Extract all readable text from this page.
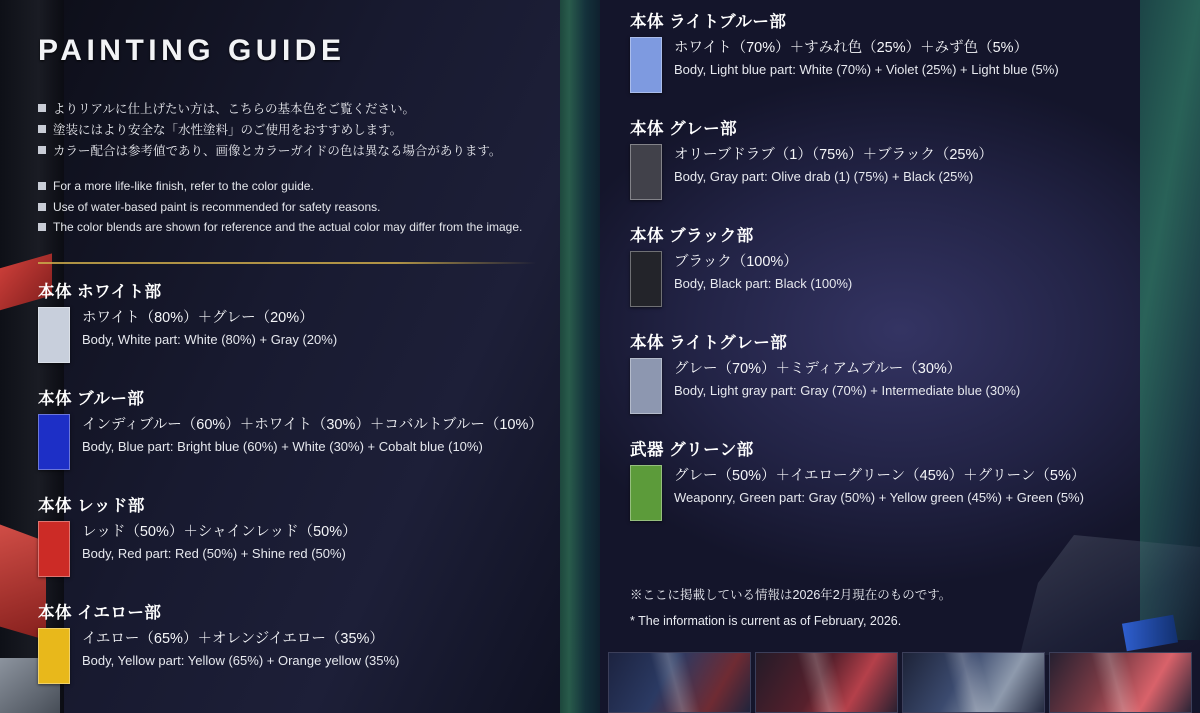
PAINTING GUIDE
よりリアルに仕上げたい方は、こちらの基本色をご覧ください。
塗装にはより安全な「水性塗料」のご使用をおすすめします。
カラー配合は参考値であり、画像とカラーガイドの色は異なる場合があります。
For a more life-like finish, refer to the color guide.
Use of water-based paint is recommended for safety reasons.
The color blends are shown for reference and the actual color may differ from the image.
本体 ホワイト部
ホワイト（80%）＋グレー（20%）
Body, White part: White (80%) + Gray (20%)
本体 ブルー部
インディブルー（60%）＋ホワイト（30%）＋コバルトブルー（10%）
Body, Blue part: Bright blue (60%) + White (30%) + Cobalt blue (10%)
本体 レッド部
レッド（50%）＋シャインレッド（50%）
Body, Red part: Red (50%) + Shine red (50%)
本体 イエロー部
イエロー（65%）＋オレンジイエロー（35%）
Body, Yellow part: Yellow (65%) + Orange yellow (35%)
本体 ライトブルー部
ホワイト（70%）＋すみれ色（25%）＋みず色（5%）
Body, Light blue part: White (70%) + Violet (25%) + Light blue (5%)
本体 グレー部
オリーブドラブ（1）（75%）＋ブラック（25%）
Body, Gray part: Olive drab (1) (75%) + Black (25%)
本体 ブラック部
ブラック（100%）
Body, Black part: Black (100%)
本体 ライトグレー部
グレー（70%）＋ミディアムブルー（30%）
Body, Light gray part: Gray (70%) + Intermediate blue (30%)
武器 グリーン部
グレー（50%）＋イエローグリーン（45%）＋グリーン（5%）
Weaponry, Green part: Gray (50%) + Yellow green (45%) + Green (5%)
※ここに掲載している情報は2026年2月現在のものです。
* The information is current as of February, 2026.
